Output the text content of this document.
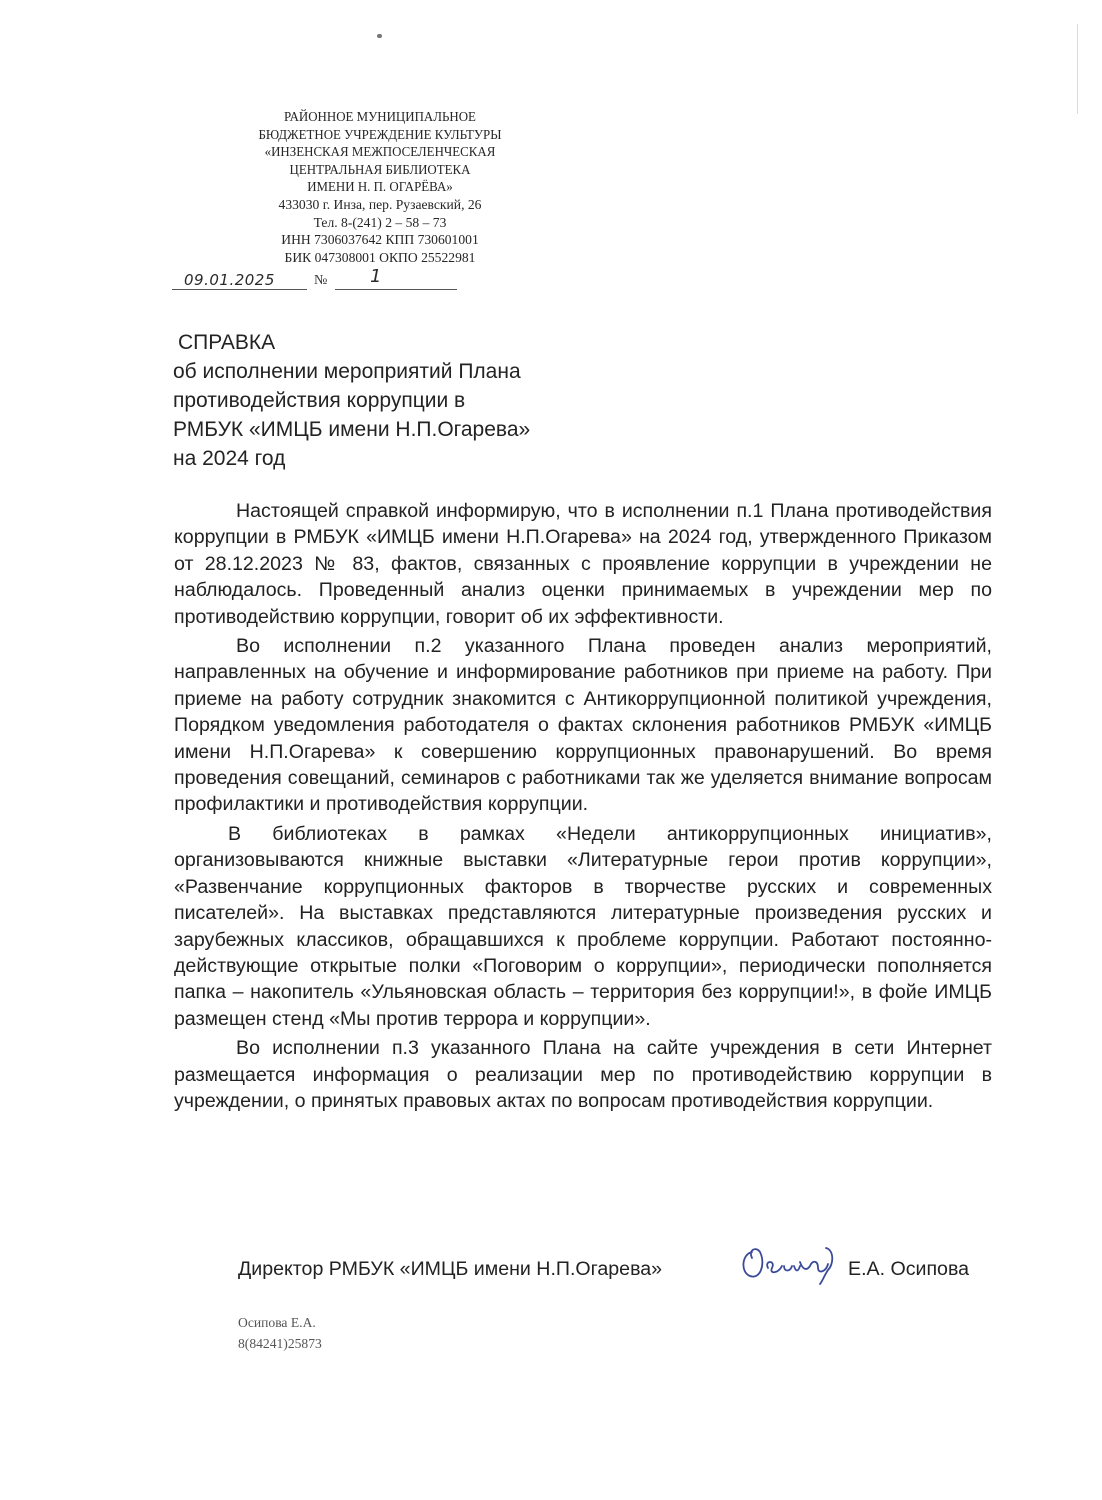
РАЙОННОЕ МУНИЦИПАЛЬНОЕ
БЮДЖЕТНОЕ УЧРЕЖДЕНИЕ КУЛЬТУРЫ
«ИНЗЕНСКАЯ МЕЖПОСЕЛЕНЧЕСКАЯ
ЦЕНТРАЛЬНАЯ БИБЛИОТЕКА
ИМЕНИ Н. П. ОГАРЁВА»
433030 г. Инза, пер. Рузаевский, 26
Тел. 8-(241) 2 – 58 – 73
ИНН 7306037642 КПП 730601001
БИК 047308001 ОКПО 25522981
09.01.2025	№ 1
СПРАВКА
об исполнении мероприятий Плана
противодействия коррупции в
РМБУК «ИМЦБ имени Н.П.Огарева»
на 2024 год

Настоящей справкой информирую, что в исполнении п.1 Плана противодействия коррупции в РМБУК «ИМЦБ имени Н.П.Огарева» на 2024 год, утвержденного Приказом от 28.12.2023 № 83, фактов, связанных с проявление коррупции в учреждении не наблюдалось. Проведенный анализ оценки принимаемых в учреждении мер по противодействию коррупции, говорит об их эффективности.

Во исполнении п.2 указанного Плана проведен анализ мероприятий, направленных на обучение и информирование работников при приеме на работу. При приеме на работу сотрудник знакомится с Антикоррупционной политикой учреждения, Порядком уведомления работодателя о фактах склонения работников РМБУК «ИМЦБ имени Н.П.Огарева» к совершению коррупционных правонарушений. Во время проведения совещаний, семинаров с работниками так же уделяется внимание вопросам профилактики и противодействия коррупции.

В библиотеках в рамках «Недели антикоррупционных инициатив», организовываются книжные выставки «Литературные герои против коррупции», «Развенчание коррупционных факторов в творчестве русских и современных писателей». На выставках представляются литературные произведения русских и зарубежных классиков, обращавшихся к проблеме коррупции. Работают постоянно-действующие открытые полки «Поговорим о коррупции», периодически пополняется папка – накопитель «Ульяновская область – территория без коррупции!», в фойе ИМЦБ размещен стенд «Мы против террора и коррупции».

Во исполнении п.3 указанного Плана на сайте учреждения в сети Интернет размещается информация о реализации мер по противодействию коррупции в учреждении, о принятых правовых актах по вопросам противодействия коррупции.

Директор РМБУК «ИМЦБ имени Н.П.Огарева»	Е.А. Осипова
Осипова Е.А.
8(84241)25873
